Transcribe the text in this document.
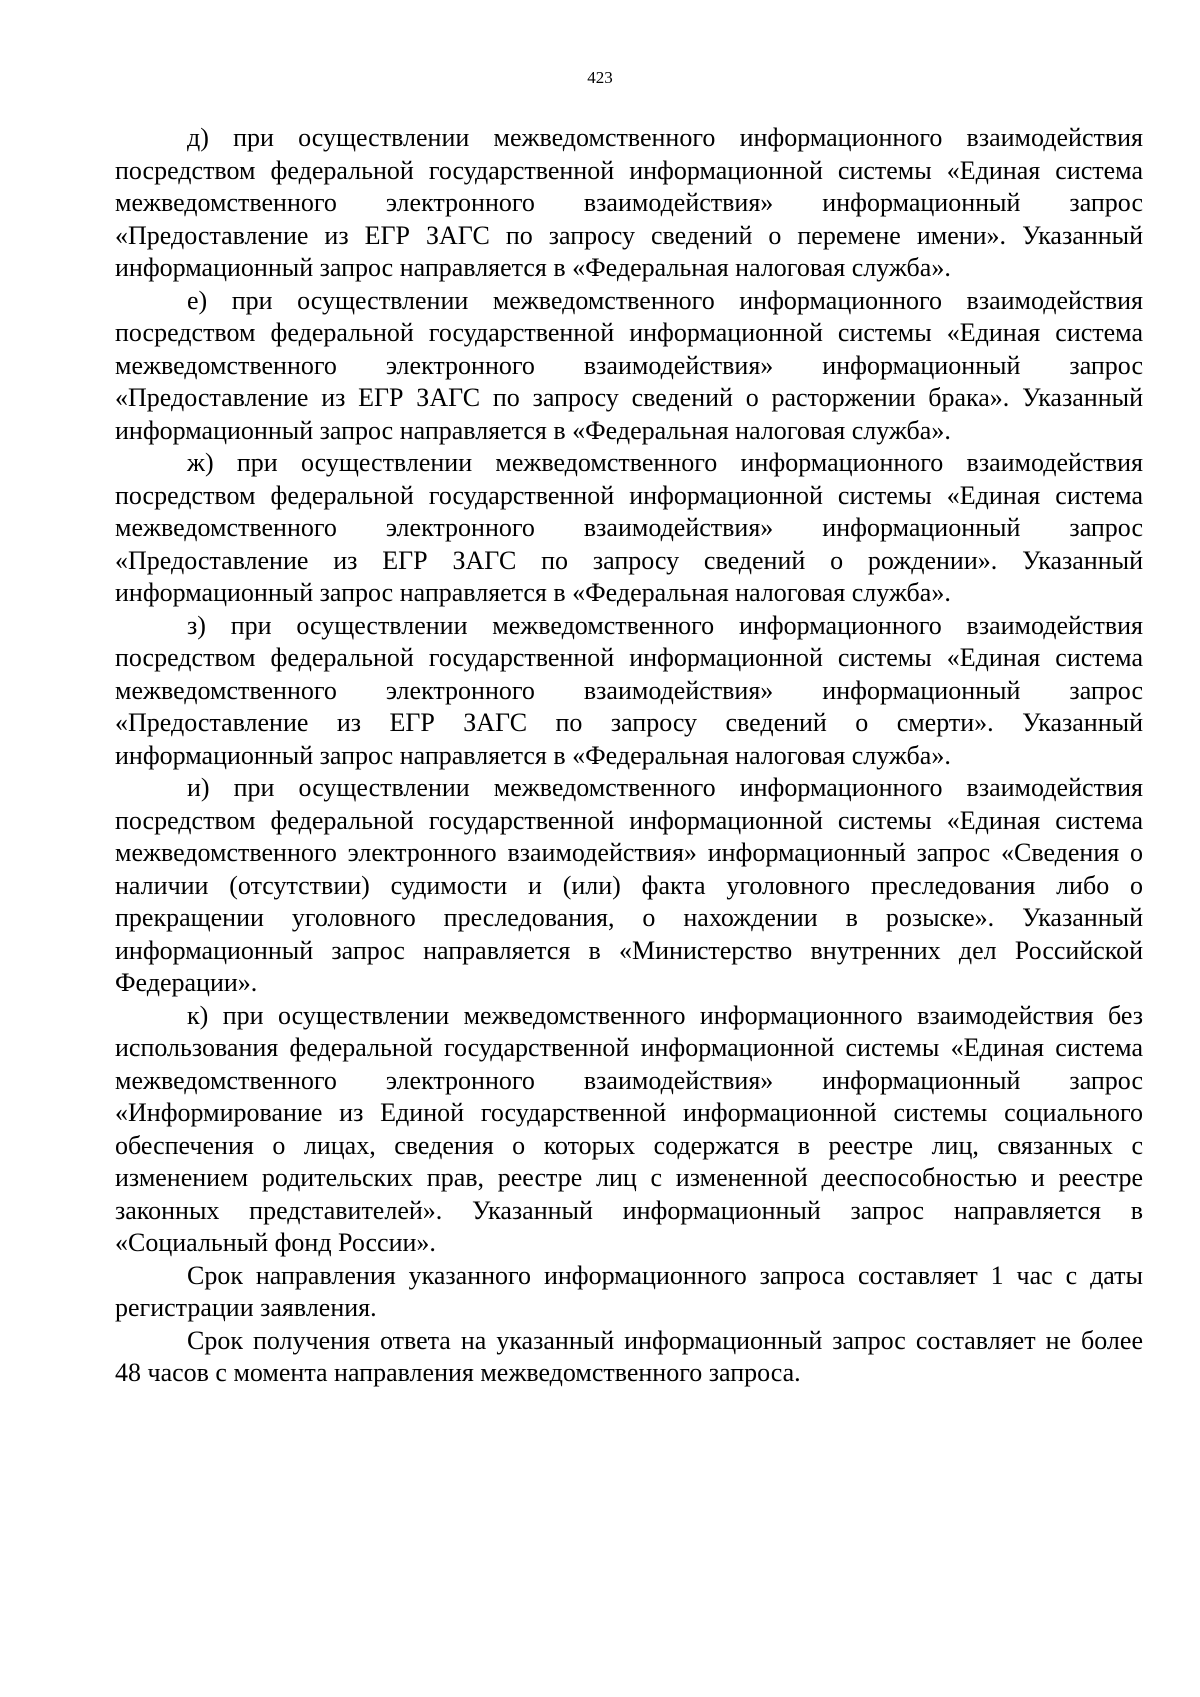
423

д) при осуществлении межведомственного информационного взаимодействия посредством федеральной государственной информационной системы «Единая система межведомственного электронного взаимодействия» информационный запрос «Предоставление из ЕГР ЗАГС по запросу сведений о перемене имени». Указанный информационный запрос направляется в «Федеральная налоговая служба».

е) при осуществлении межведомственного информационного взаимодействия посредством федеральной государственной информационной системы «Единая система межведомственного электронного взаимодействия» информационный запрос «Предоставление из ЕГР ЗАГС по запросу сведений о расторжении брака». Указанный информационный запрос направляется в «Федеральная налоговая служба».

ж) при осуществлении межведомственного информационного взаимодействия посредством федеральной государственной информационной системы «Единая система межведомственного электронного взаимодействия» информационный запрос «Предоставление из ЕГР ЗАГС по запросу сведений о рождении». Указанный информационный запрос направляется в «Федеральная налоговая служба».

з) при осуществлении межведомственного информационного взаимодействия посредством федеральной государственной информационной системы «Единая система межведомственного электронного взаимодействия» информационный запрос «Предоставление из ЕГР ЗАГС по запросу сведений о смерти». Указанный информационный запрос направляется в «Федеральная налоговая служба».

и) при осуществлении межведомственного информационного взаимодействия посредством федеральной государственной информационной системы «Единая система межведомственного электронного взаимодействия» информационный запрос «Сведения о наличии (отсутствии) судимости и (или) факта уголовного преследования либо о прекращении уголовного преследования, о нахождении в розыске». Указанный информационный запрос направляется в «Министерство внутренних дел Российской Федерации».

к) при осуществлении межведомственного информационного взаимодействия без использования федеральной государственной информационной системы «Единая система межведомственного электронного взаимодействия» информационный запрос «Информирование из Единой государственной информационной системы социального обеспечения о лицах, сведения о которых содержатся в реестре лиц, связанных с изменением родительских прав, реестре лиц с измененной дееспособностью и реестре законных представителей». Указанный информационный запрос направляется в «Социальный фонд России».

Срок направления указанного информационного запроса составляет 1 час с даты регистрации заявления.

Срок получения ответа на указанный информационный запрос составляет не более 48 часов с момента направления межведомственного запроса.
